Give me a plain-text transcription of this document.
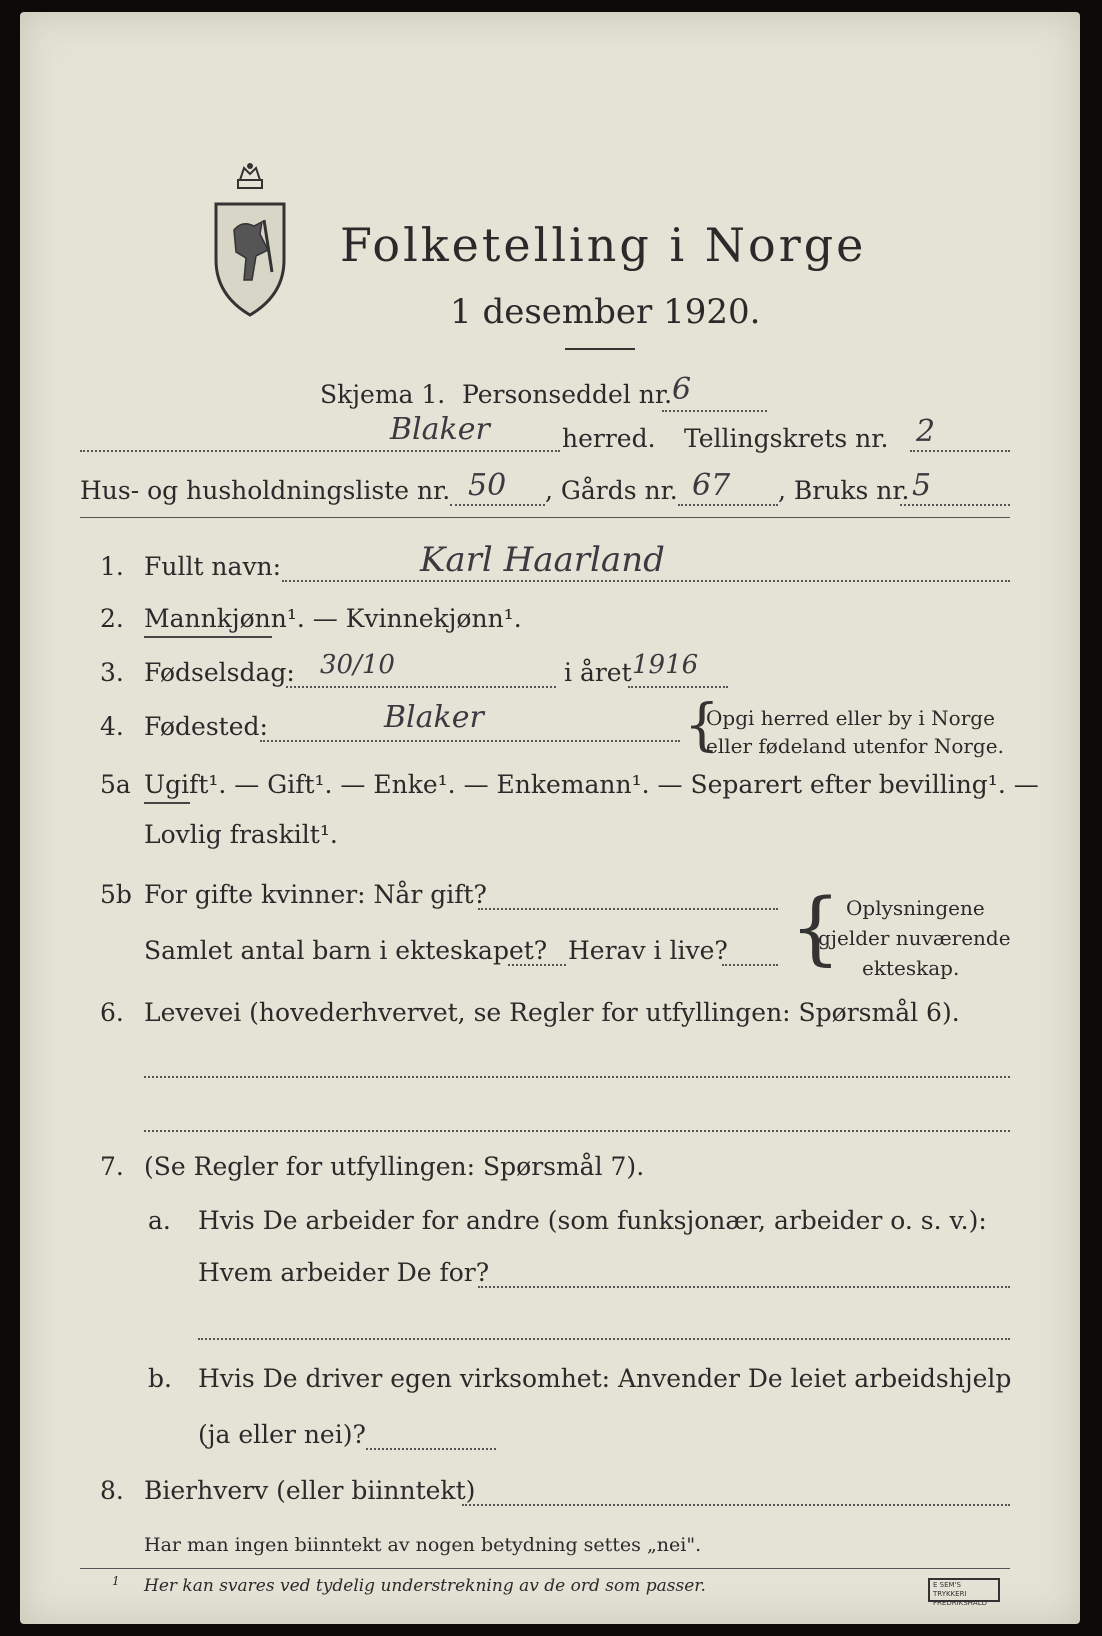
Folketelling i Norge
1 desember 1920.
Skjema 1. Personseddel nr. 6
Blaker	herred. Tellingskrets nr. 2
Hus- og husholdningsliste nr. 50 , Gårds nr. 67 , Bruks nr. 5
1. Fullt navn:	Karl Haarland
2. Mannkjønn¹. — Kvinnekjønn¹.
3. Fødselsdag: 30/10	i året 1916
4. Fødested:	Blaker	{
Opgi herred eller by i Norge
eller fødeland utenfor Norge.
5a Ugift¹. — Gift¹. — Enke¹. — Enkemann¹. — Separert efter bevilling¹. —
Lovlig fraskilt¹.
5b For gifte kvinner: Når gift?
Samlet antal barn i ekteskapet? Herav i live? { Oplysningene
gjelder nuværende
ekteskap.
6. Levevei (hovederhvervet, se Regler for utfyllingen: Spørsmål 6).
7. (Se Regler for utfyllingen: Spørsmål 7).
a. Hvis De arbeider for andre (som funksjonær, arbeider o. s. v.):
Hvem arbeider De for?
b. Hvis De driver egen virksomhet: Anvender De leiet arbeidshjelp
(ja eller nei)?
8. Bierhverv (eller biinntekt)
Har man ingen biinntekt av nogen betydning settes „nei".
1 Her kan svares ved tydelig understrekning av de ord som passer.	E SEM'S TRYKKERI FREDRIKSHALD
